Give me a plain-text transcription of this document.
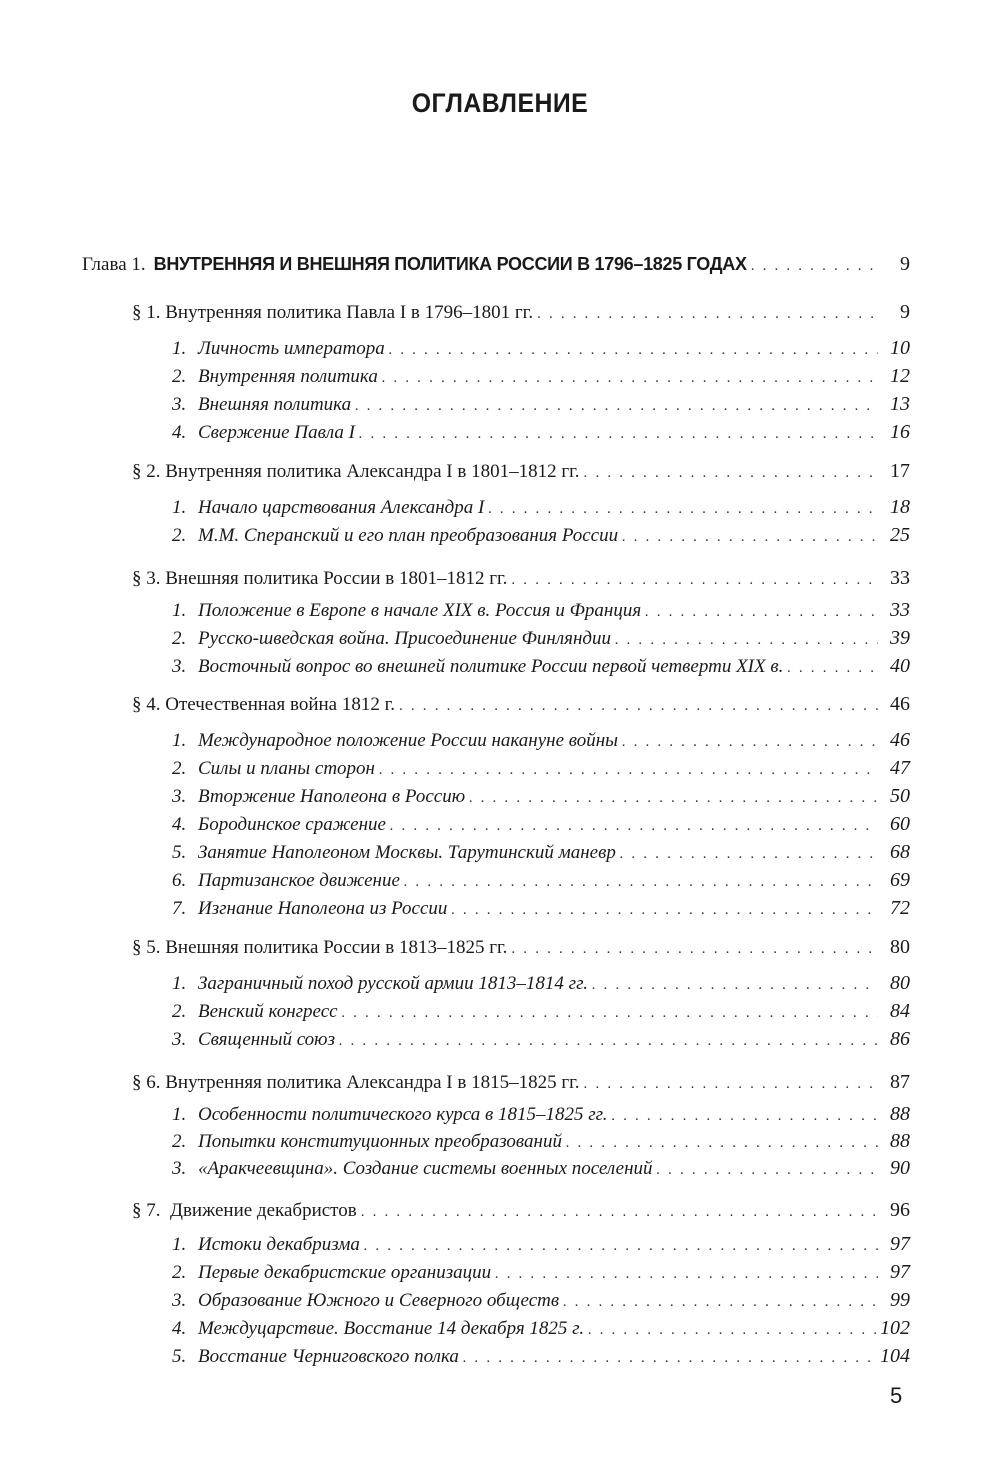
ОГЛАВЛЕНИЕ
Глава 1. ВНУТРЕННЯЯ И ВНЕШНЯЯ ПОЛИТИКА РОССИИ В 1796–1825 ГОДАХ . . .	9
§ 1. Внутренняя политика Павла I в 1796–1801 гг. . . .	9
1. Личность императора . . .	10
2. Внутренняя политика . . .	12
3. Внешняя политика . . .	13
4. Свержение Павла I . . .	16
§ 2. Внутренняя политика Александра I в 1801–1812 гг. . . .	17
1. Начало царствования Александра I . . .	18
2. М.М. Сперанский и его план преобразования России . . .	25
§ 3. Внешняя политика России в 1801–1812 гг. . . .	33
1. Положение в Европе в начале XIX в. Россия и Франция . . .	33
2. Русско-шведская война. Присоединение Финляндии . . .	39
3. Восточный вопрос во внешней политике России первой четверти XIX в. . . .	40
§ 4. Отечественная война 1812 г. . . .	46
1. Международное положение России накануне войны . . .	46
2. Силы и планы сторон . . .	47
3. Вторжение Наполеона в Россию . . .	50
4. Бородинское сражение . . .	60
5. Занятие Наполеоном Москвы. Тарутинский маневр . . .	68
6. Партизанское движение . . .	69
7. Изгнание Наполеона из России . . .	72
§ 5. Внешняя политика России в 1813–1825 гг. . . .	80
1. Заграничный поход русской армии 1813–1814 гг. . . .	80
2. Венский конгресс . . .	84
3. Священный союз . . .	86
§ 6. Внутренняя политика Александра I в 1815–1825 гг. . . .	87
1. Особенности политического курса в 1815–1825 гг. . . .	88
2. Попытки конституционных преобразований . . .	88
3. «Аракчеевщина». Создание системы военных поселений . . .	90
§ 7.  Движение декабристов . . .	96
1. Истоки декабризма . . .	97
2. Первые декабристские организации . . .	97
3. Образование Южного и Северного обществ . . .	99
4. Междуцарствие. Восстание 14 декабря 1825 г. . . .	102
5. Восстание Черниговского полка . . .	104
5
